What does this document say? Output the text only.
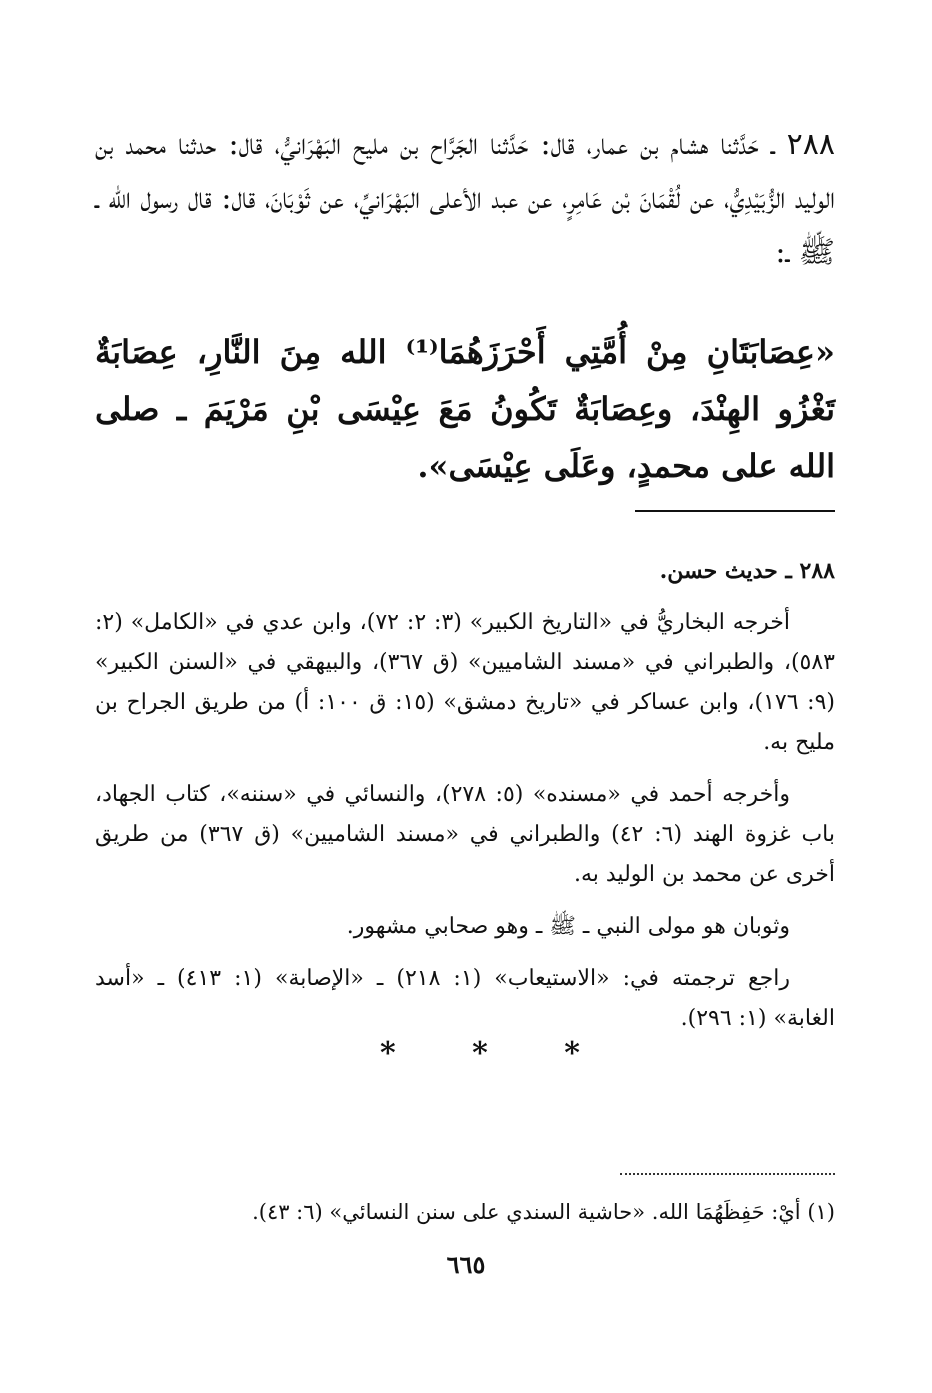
٢٨٨ ـ حَدَّثنا هشام بن عمار، قال: حَدَّثنا الجَرَّاح بن مليح البَهْرَانيُّ، قال: حدثنا محمد بن الوليد الزُّبَيْدِيُّ، عن لُقْمَانَ بْن عَامِرٍ، عن عبد الأعلى البَهْرَانيِّ، عن ثَوْبَانَ، قال: قال رسول الله ـ ﷺ ـ:

«عِصَابَتَانِ مِنْ أُمَّتِي أَحْرَزَهُمَا⁽¹⁾ الله مِنَ النَّارِ، عِصَابَةٌ تَغْزُو الهِنْدَ، وعِصَابَةٌ تَكُونُ مَعَ عِيْسَى بْنِ مَرْيَمَ ـ صلى الله على محمدٍ، وعَلَى عِيْسَى».

٢٨٨ ـ حديث حسن.

أخرجه البخاريُّ في «التاريخ الكبير» (٣: ٢: ٧٢)، وابن عدي في «الكامل» (٢: ٥٨٣)، والطبراني في «مسند الشاميين» (ق ٣٦٧)، والبيهقي في «السنن الكبير» (٩: ١٧٦)، وابن عساكر في «تاريخ دمشق» (١٥: ق ١٠٠: أ) من طريق الجراح بن مليح به.

وأخرجه أحمد في «مسنده» (٥: ٢٧٨)، والنسائي في «سننه»، كتاب الجهاد، باب غزوة الهند (٦: ٤٢) والطبراني في «مسند الشاميين» (ق ٣٦٧) من طريق أخرى عن محمد بن الوليد به.

وثوبان هو مولى النبي ـ ﷺ ـ وهو صحابي مشهور.

راجع ترجمته في: «الاستيعاب» (١: ٢١٨) ـ «الإصابة» (١: ٤١٣) ـ «أسد الغابة» (١: ٢٩٦).

*	*	*
(١) أيْ: حَفِظَهُمَا الله. «حاشية السندي على سنن النسائي» (٦: ٤٣).
٦٦٥
